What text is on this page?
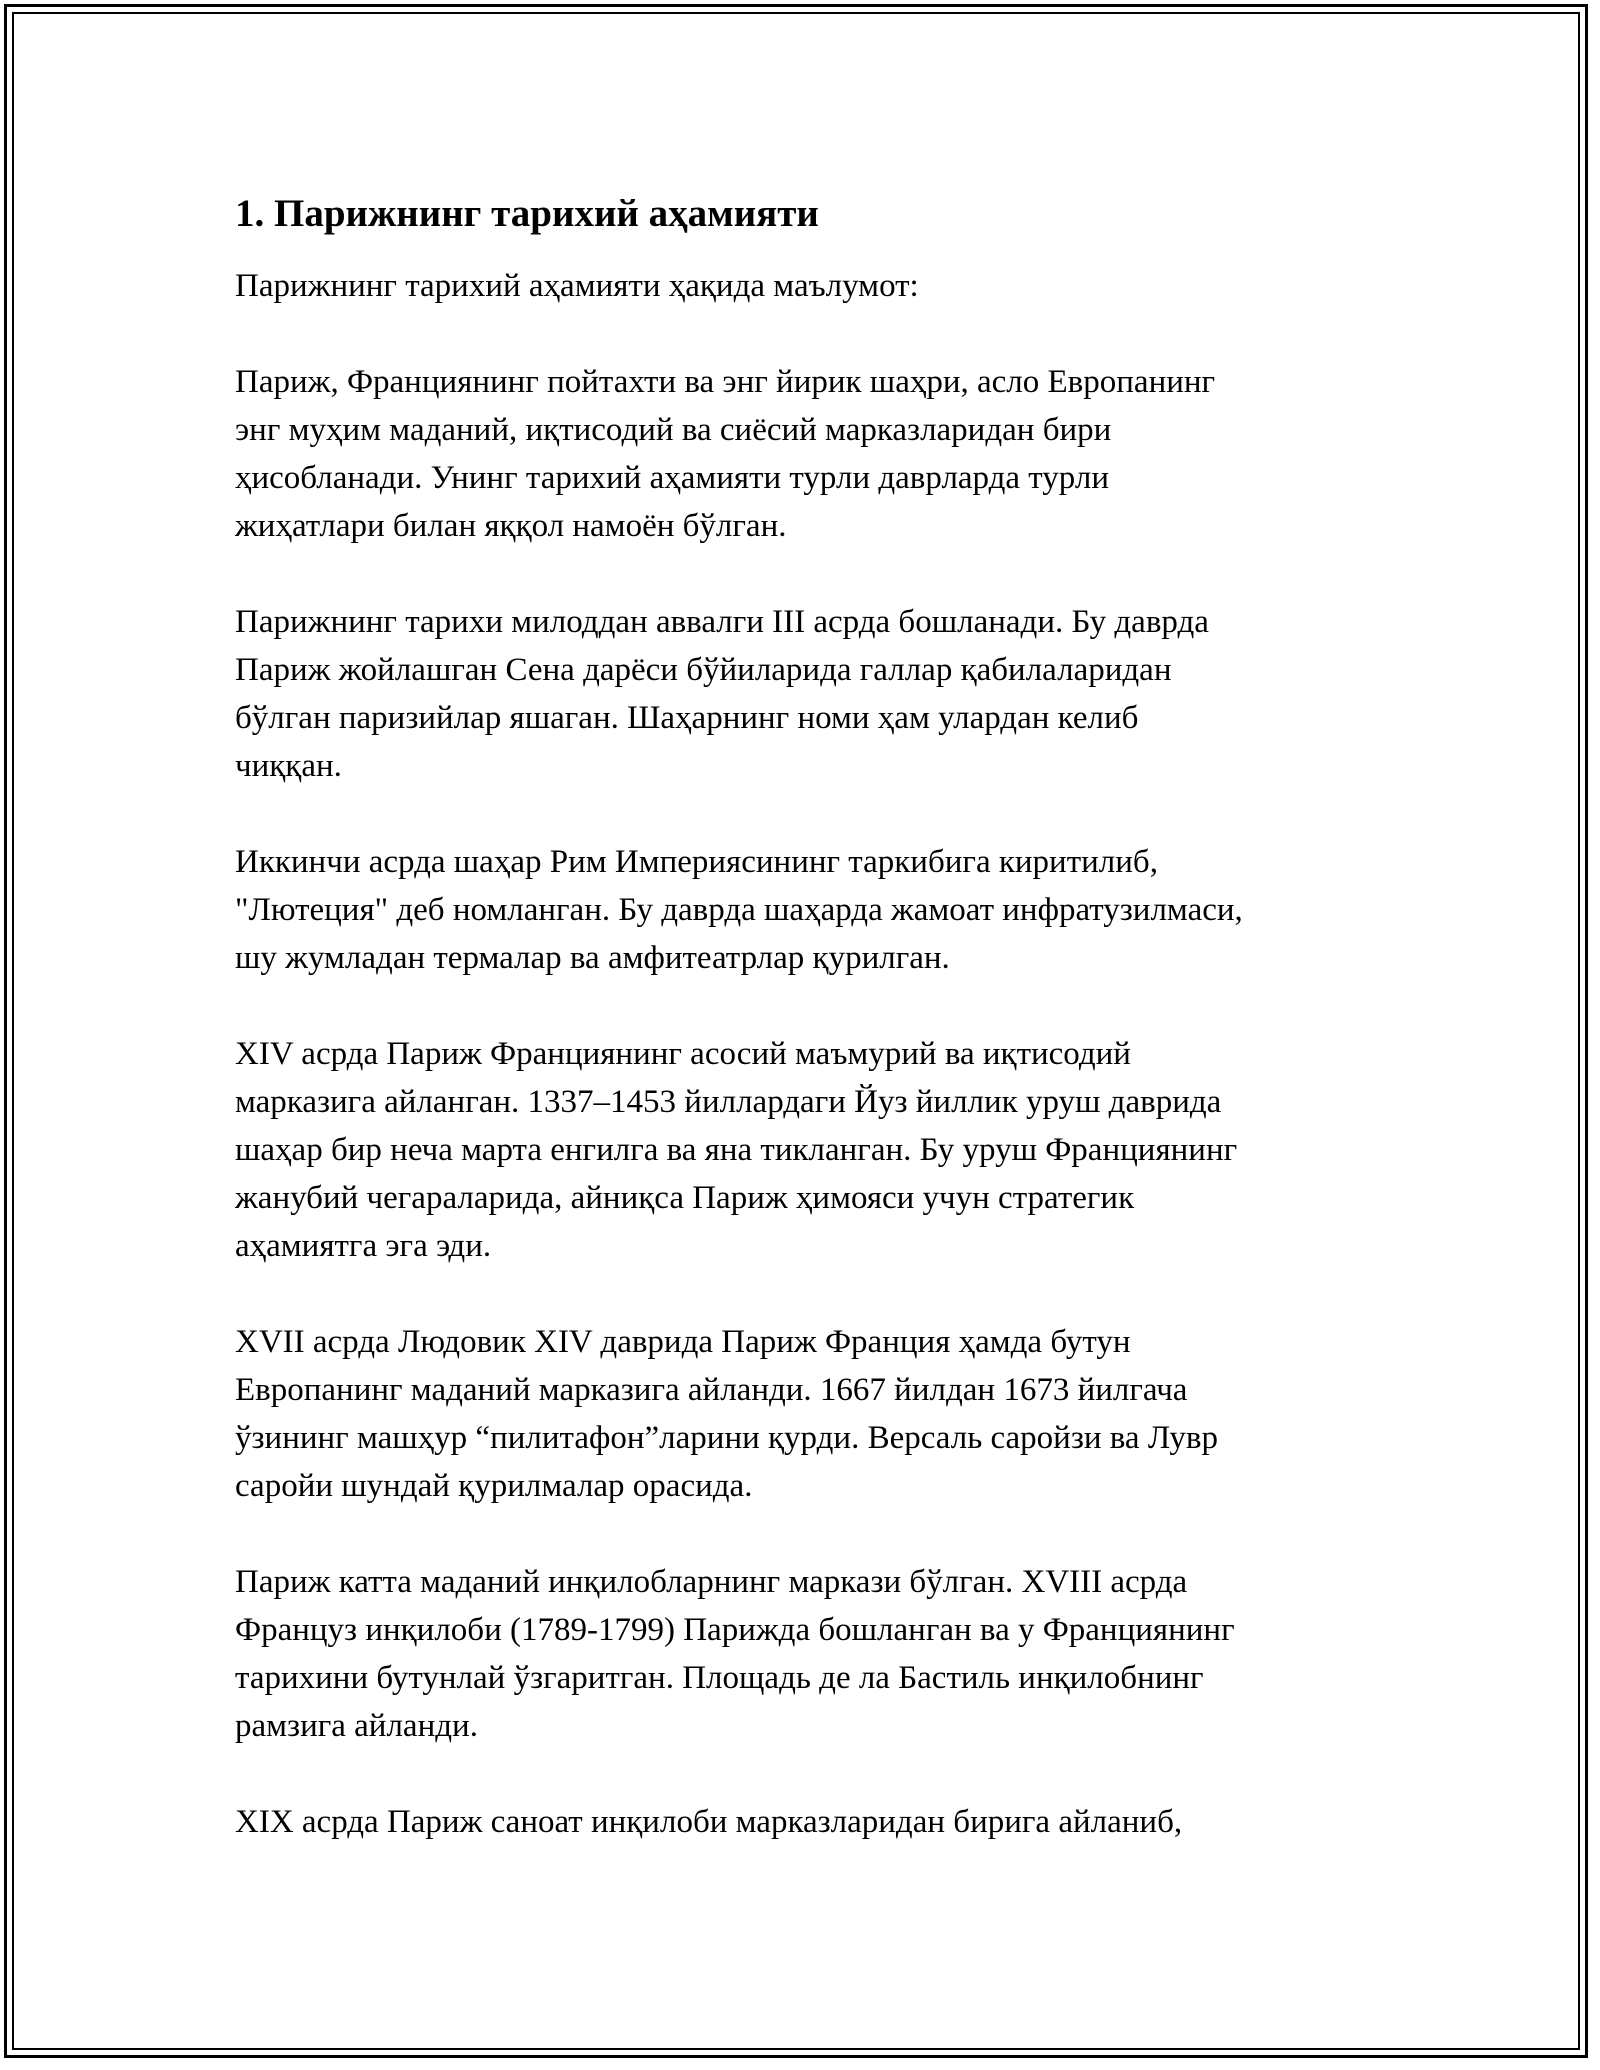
1. Парижнинг тарихий аҳамияти

Парижнинг тарихий аҳамияти ҳақида маълумот:

Париж, Франциянинг пойтахти ва энг йирик шаҳри, асло Европанинг
энг муҳим маданий, иқтисодий ва сиёсий марказларидан бири
ҳисобланади. Унинг тарихий аҳамияти турли даврларда турли
жиҳатлари билан яққол намоён бўлган.

Парижнинг тарихи милоддан аввалги III асрда бошланади. Бу даврда
Париж жойлашган Сена дарёси бўйиларида галлар қабилаларидан
бўлган паризийлар яшаган. Шаҳарнинг номи ҳам улардан келиб
чиққан.

Иккинчи асрда шаҳар Рим Империясининг таркибига киритилиб,
"Лютеция" деб номланган. Бу даврда шаҳарда жамоат инфратузилмаси,
шу жумладан термалар ва амфитеатрлар қурилган.

XIV асрда Париж Франциянинг асосий маъмурий ва иқтисодий
марказига айланган. 1337–1453 йиллардаги Йуз йиллик уруш даврида
шаҳар бир неча марта енгилга ва яна тикланган. Бу уруш Франциянинг
жанубий чегараларида, айниқса Париж ҳимояси учун стратегик
аҳамиятга эга эди.

XVII асрда Людовик XIV даврида Париж Франция ҳамда бутун
Европанинг маданий марказига айланди. 1667 йилдан 1673 йилгача
ўзининг машҳур “пилитафон”ларини қурди. Версаль саройзи ва Лувр
саройи шундай қурилмалар орасида.

Париж катта маданий инқилобларнинг маркази бўлган. XVIII асрда
Француз инқилоби (1789-1799) Парижда бошланган ва у Франциянинг
тарихини бутунлай ўзгаритган. Площадь де ла Бастиль инқилобнинг
рамзига айланди.

XIX асрда Париж саноат инқилоби марказларидан бирига айланиб,
